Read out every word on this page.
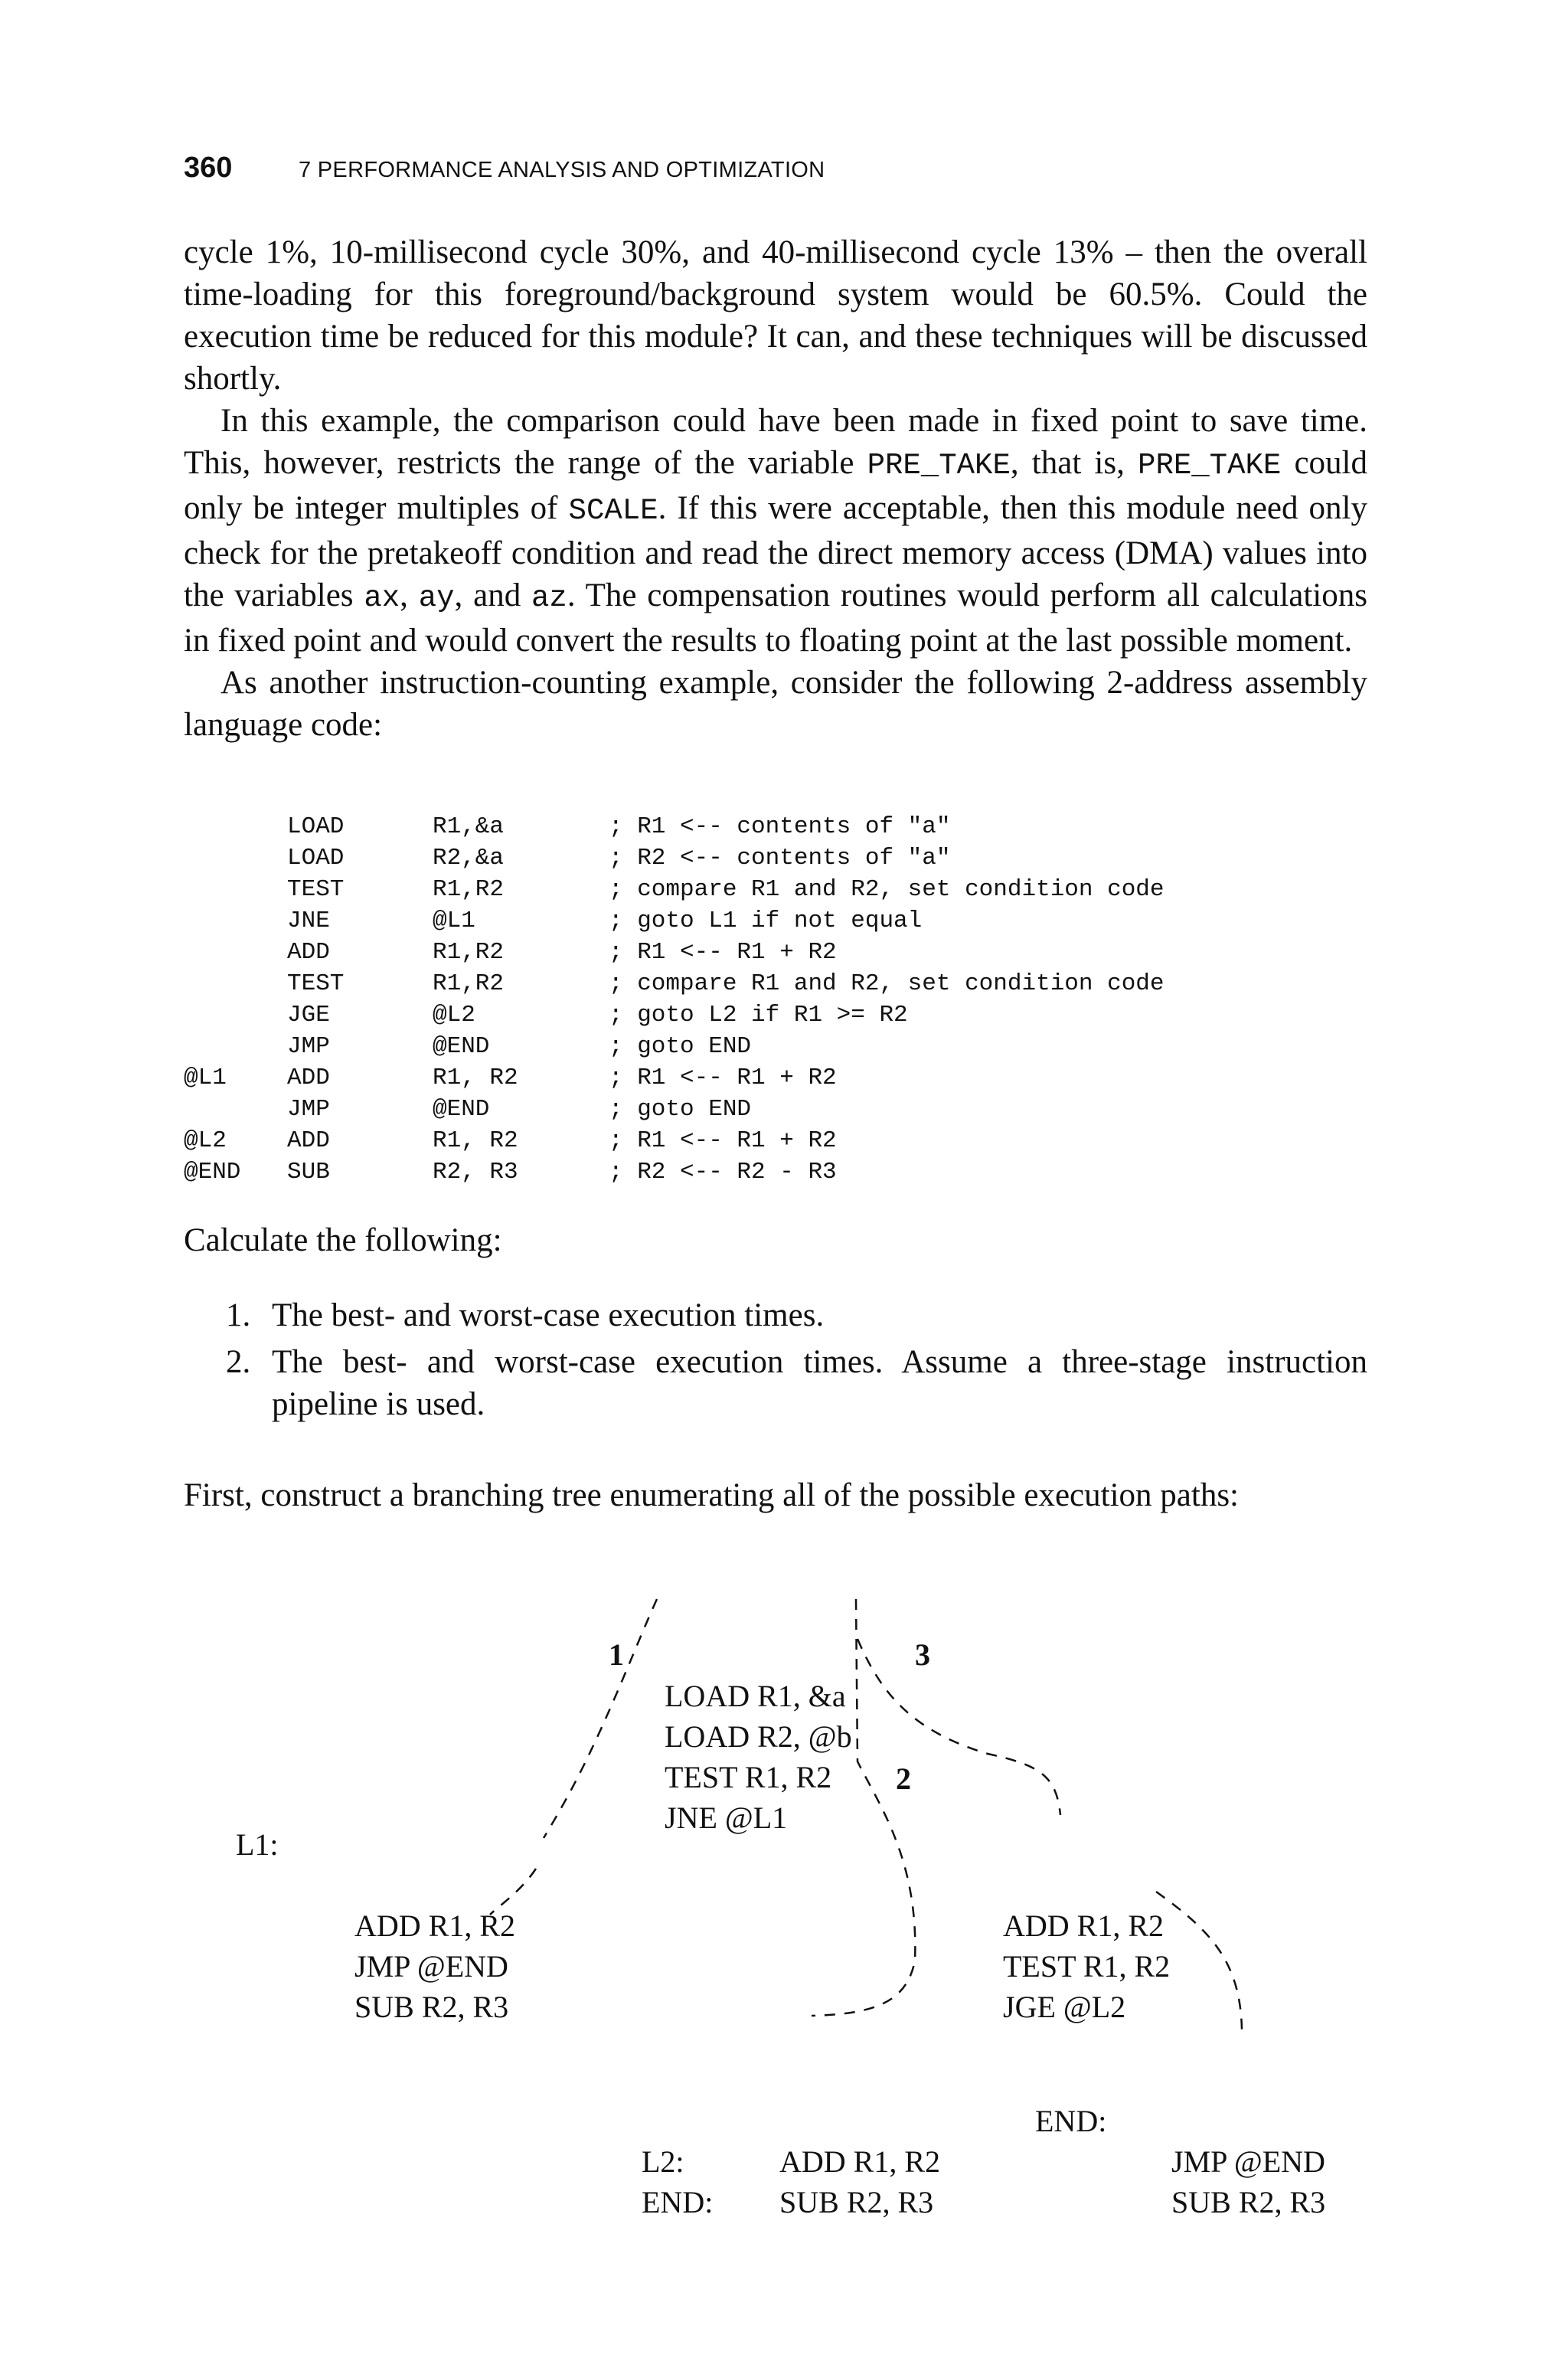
360	7 PERFORMANCE ANALYSIS AND OPTIMIZATION

cycle 1%, 10-millisecond cycle 30%, and 40-millisecond cycle 13% – then the overall time-loading for this foreground/background system would be 60.5%. Could the execution time be reduced for this module? It can, and these techniques will be discussed shortly.

In this example, the comparison could have been made in fixed point to save time. This, however, restricts the range of the variable PRE_TAKE, that is, PRE_TAKE could only be integer multiples of SCALE. If this were acceptable, then this module need only check for the pretakeoff condition and read the direct memory access (DMA) values into the variables ax, ay, and az. The compensation routines would perform all calculations in fixed point and would convert the results to floating point at the last possible moment.

As another instruction-counting example, consider the following 2-address assembly language code:

LOAD	R1,&a	; R1 <-- contents of "a"
LOAD	R2,&a	; R2 <-- contents of "a"
TEST	R1,R2	; compare R1 and R2, set condition code
JNE	@L1	; goto L1 if not equal
ADD	R1,R2	; R1 <-- R1 + R2
TEST	R1,R2	; compare R1 and R2, set condition code
JGE	@L2	; goto L2 if R1 >= R2
JMP	@END	; goto END
@L1	ADD	R1, R2	; R1 <-- R1 + R2
JMP	@END	; goto END
@L2	ADD	R1, R2	; R1 <-- R1 + R2
@END SUB	R2, R3	; R2 <-- R2 - R3
Calculate the following:
1. The best- and worst-case execution times.
2. The best- and worst-case execution times. Assume a three-stage instruction pipeline is used.
First, construct a branching tree enumerating all of the possible execution paths:

LOAD R1, &a
LOAD R2, @b
TEST R1, R2
JNE @L1

1
2
3
L1:

ADD R1, R2
JMP @END
SUB R2, R3

ADD R1, R2
TEST R1, R2
JGE @L2

L2:
END:

ADD R1, R2
SUB R2, R3

END:

JMP @END
SUB R2, R3
